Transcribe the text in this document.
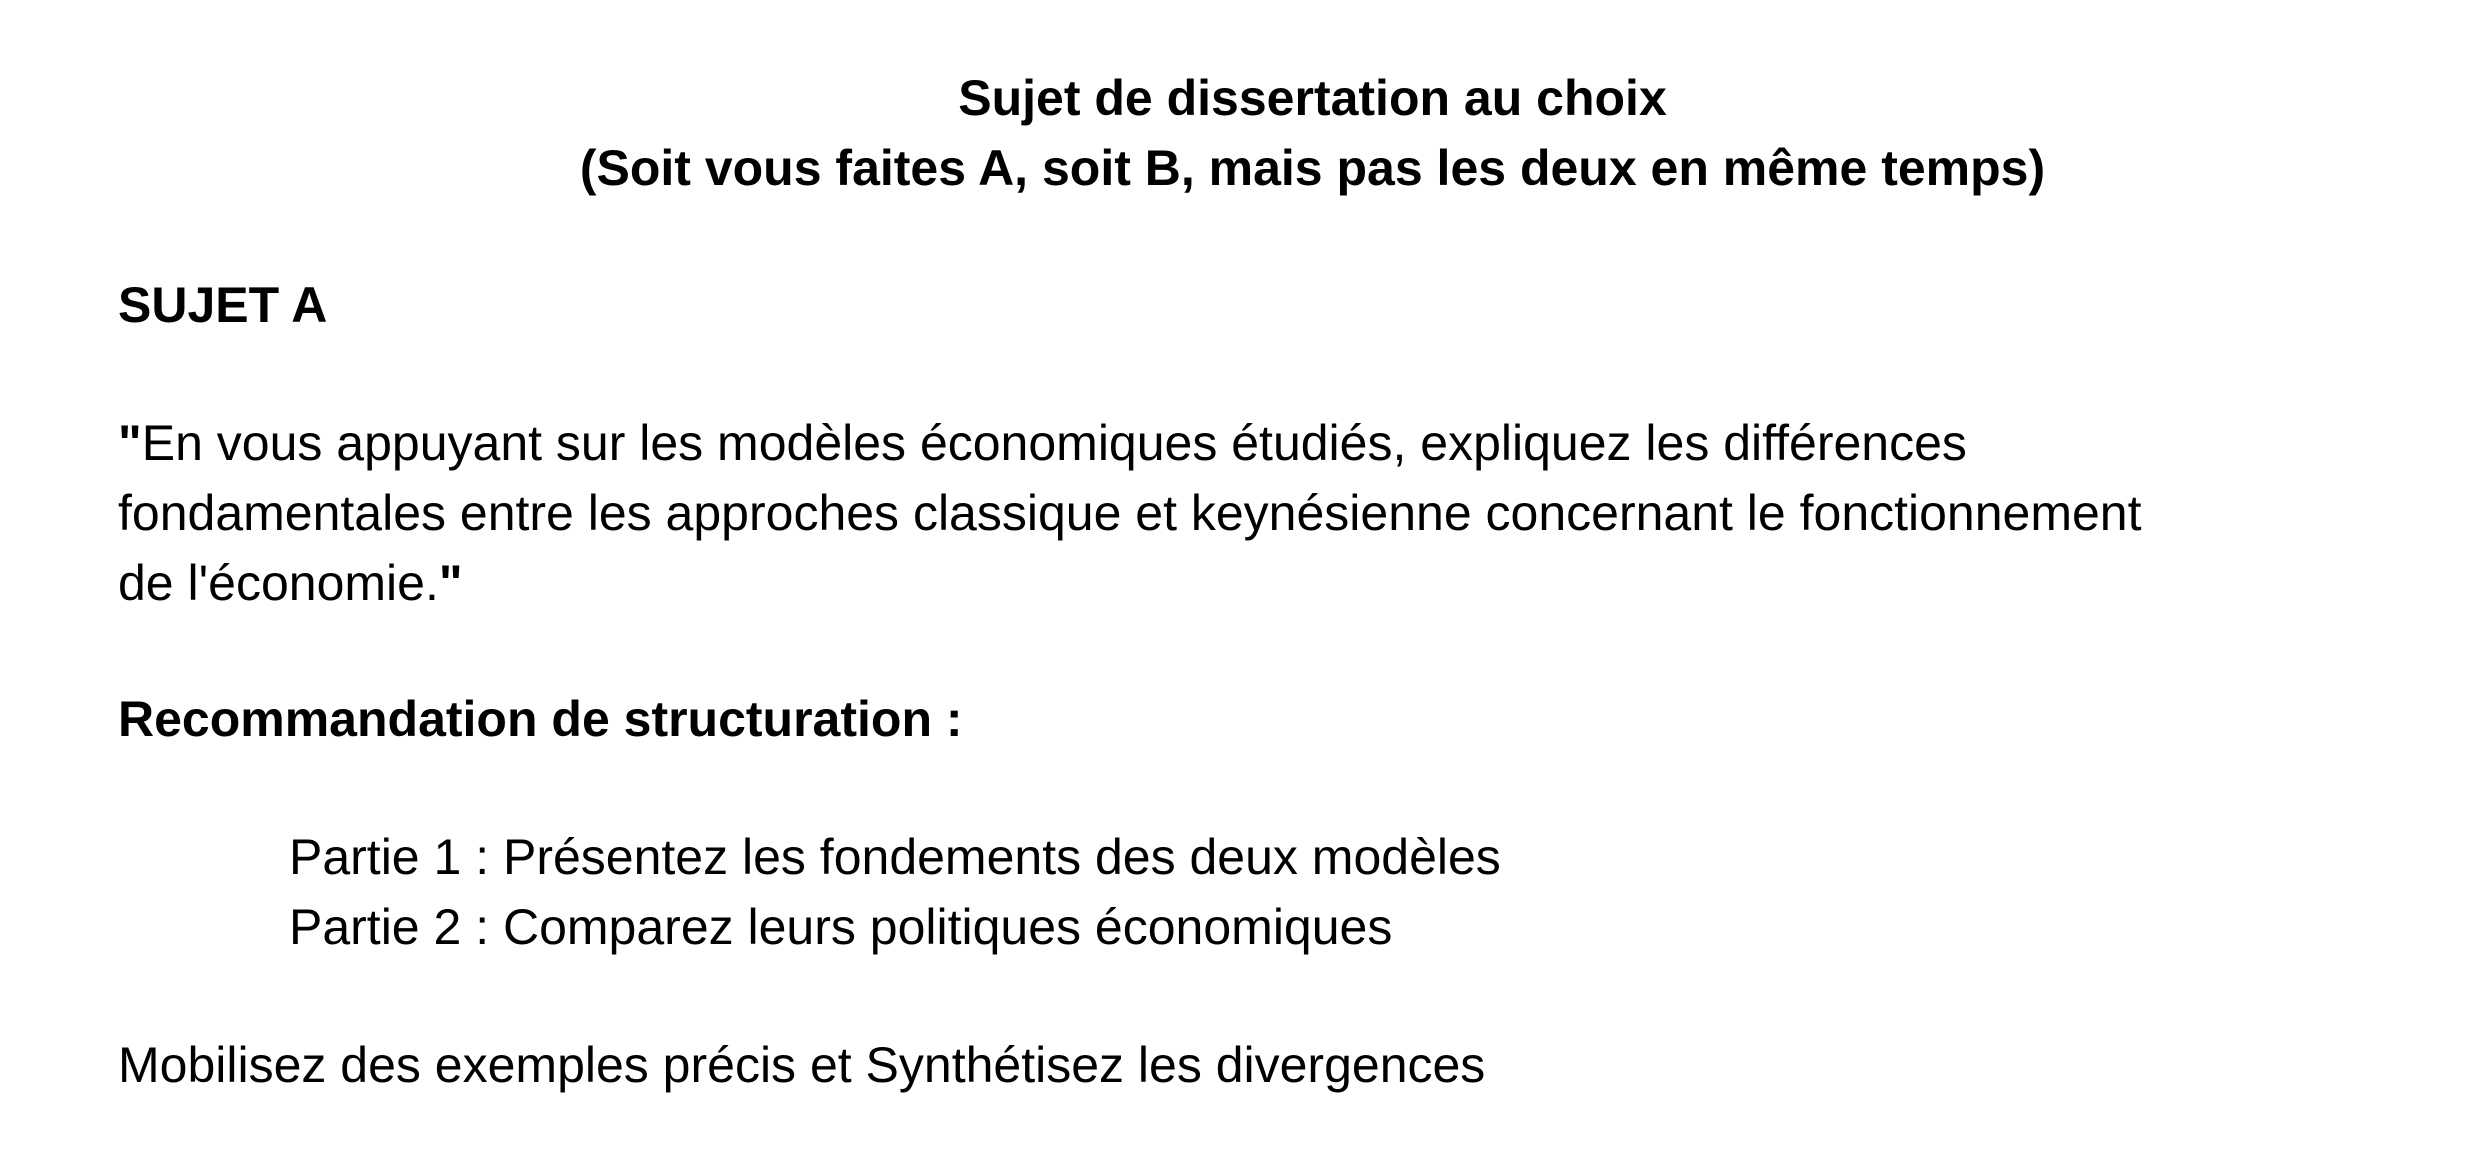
Sujet de dissertation au choix
(Soit vous faites A, soit B, mais pas les deux en même temps)
SUJET A

"En vous appuyant sur les modèles économiques étudiés, expliquez les différences
fondamentales entre les approches classique et keynésienne concernant le fonctionnement
de l'économie."

Recommandation de structuration :
Partie 1 : Présentez les fondements des deux modèles
Partie 2 : Comparez leurs politiques économiques

Mobilisez des exemples précis et Synthétisez les divergences
